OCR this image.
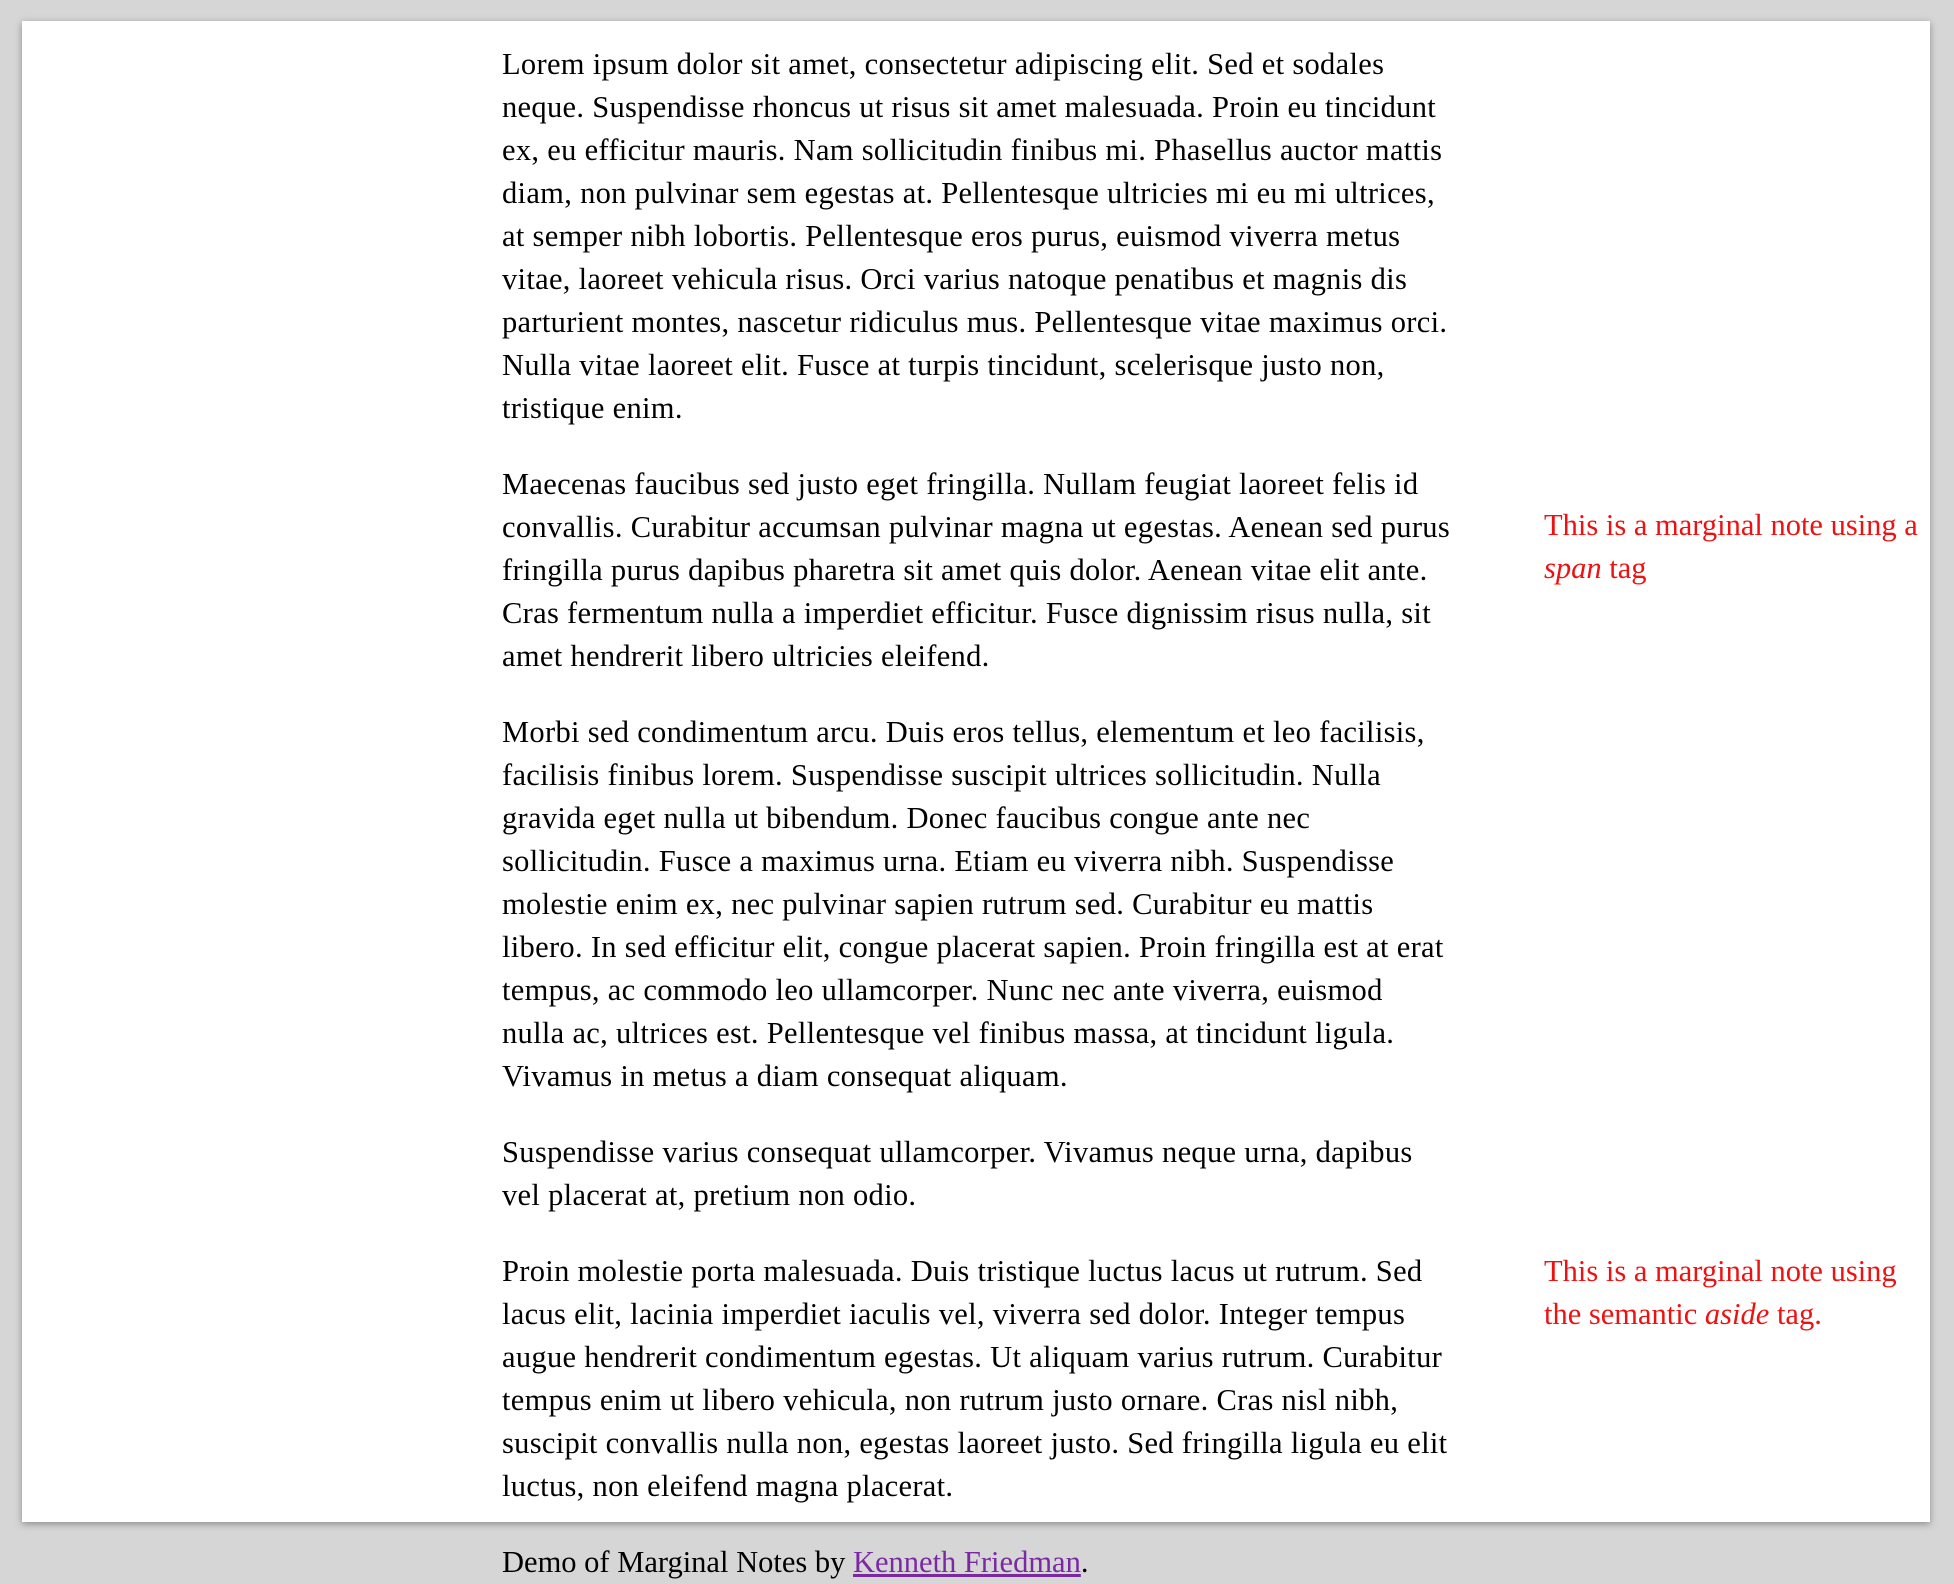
Lorem ipsum dolor sit amet, consectetur adipiscing elit. Sed et sodales neque. Suspendisse rhoncus ut risus sit amet malesuada. Proin eu tincidunt ex, eu efficitur mauris. Nam sollicitudin finibus mi. Phasellus auctor mattis diam, non pulvinar sem egestas at. Pellentesque ultricies mi eu mi ultrices, at semper nibh lobortis. Pellentesque eros purus, euismod viverra metus vitae, laoreet vehicula risus. Orci varius natoque penatibus et magnis dis parturient montes, nascetur ridiculus mus. Pellentesque vitae maximus orci. Nulla vitae laoreet elit. Fusce at turpis tincidunt, scelerisque justo non, tristique enim.

Maecenas faucibus sed justo eget fringilla. Nullam feugiat laoreet felis id convallis. Curabitur accumsan pulvinar magna ut egestas. Aenean sed purus fringilla purus dapibus pharetra sit amet quis dolor. Aenean vitae elit ante. Cras fermentum nulla a imperdiet efficitur. Fusce dignissim risus nulla, sit amet hendrerit libero ultricies eleifend.

This is a marginal note using a span tag

Morbi sed condimentum arcu. Duis eros tellus, elementum et leo facilisis, facilisis finibus lorem. Suspendisse suscipit ultrices sollicitudin. Nulla gravida eget nulla ut bibendum. Donec faucibus congue ante nec sollicitudin. Fusce a maximus urna. Etiam eu viverra nibh. Suspendisse molestie enim ex, nec pulvinar sapien rutrum sed. Curabitur eu mattis libero. In sed efficitur elit, congue placerat sapien. Proin fringilla est at erat tempus, ac commodo leo ullamcorper. Nunc nec ante viverra, euismod nulla ac, ultrices est. Pellentesque vel finibus massa, at tincidunt ligula. Vivamus in metus a diam consequat aliquam.

Suspendisse varius consequat ullamcorper. Vivamus neque urna, dapibus vel placerat at, pretium non odio.

Proin molestie porta malesuada. Duis tristique luctus lacus ut rutrum. Sed lacus elit, lacinia imperdiet iaculis vel, viverra sed dolor. Integer tempus augue hendrerit condimentum egestas. Ut aliquam varius rutrum. Curabitur tempus enim ut libero vehicula, non rutrum justo ornare. Cras nisl nibh, suscipit convallis nulla non, egestas laoreet justo. Sed fringilla ligula eu elit luctus, non eleifend magna placerat.

This is a marginal note using the semantic aside tag.

Demo of Marginal Notes by Kenneth Friedman.
